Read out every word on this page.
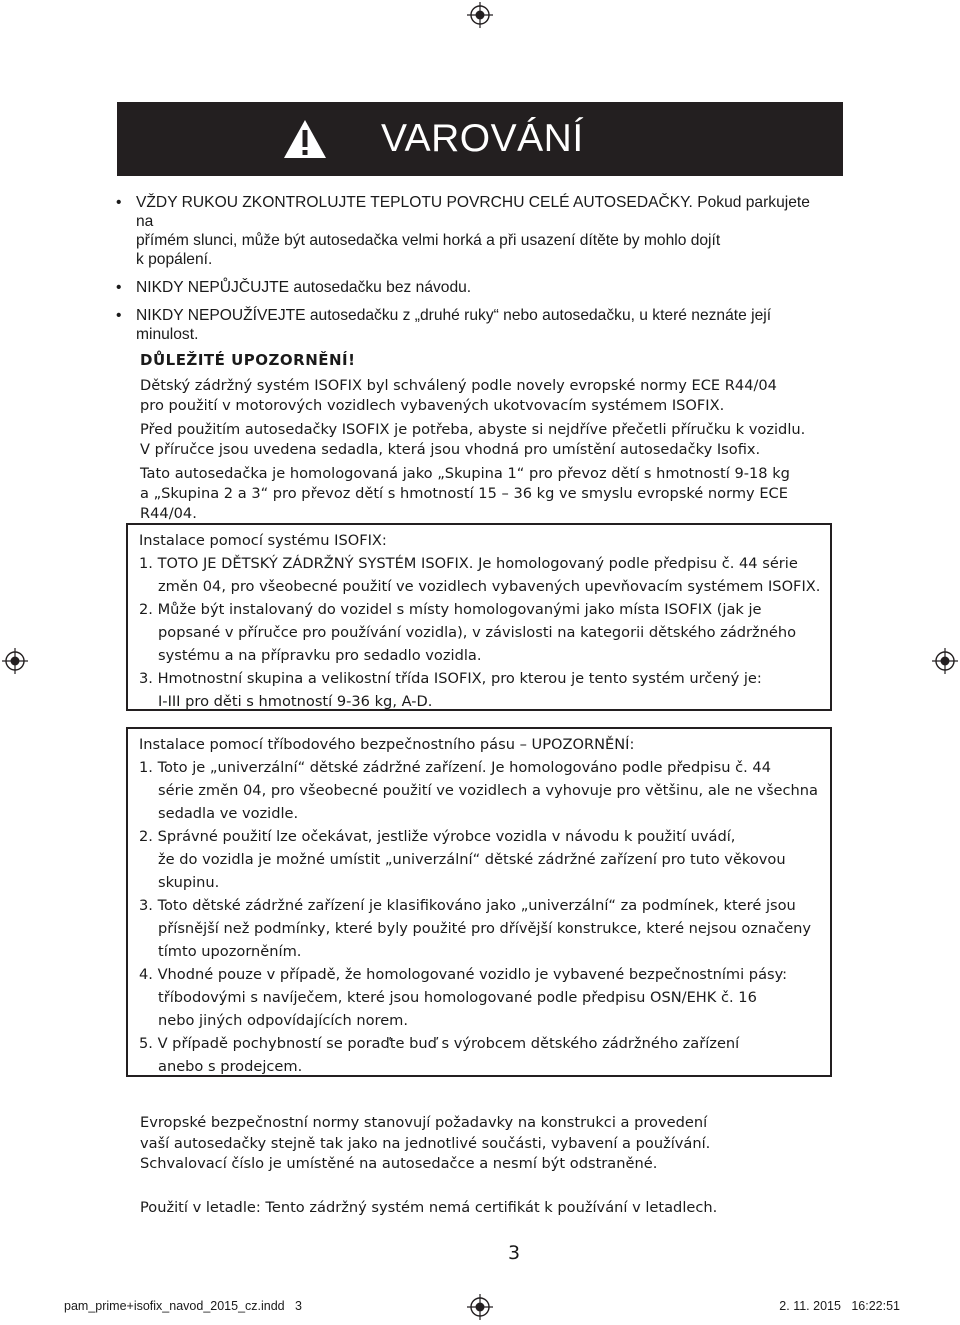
VAROVÁNÍ
• VŽDY RUKOU ZKONTROLUJTE TEPLOTU POVRCHU CELÉ AUTOSEDAČKY. Pokud parkujete na
přímém slunci, může být autosedačka velmi horká a při usazení dítěte by mohlo dojít
k popálení.
• NIKDY NEPŮJČUJTE autosedačku bez návodu.
• NIKDY NEPOUŽÍVEJTE autosedačku z „druhé ruky“ nebo autosedačku, u které neznáte její
minulost.
DŮLEŽITÉ UPOZORNĚNÍ!

Dětský zádržný systém ISOFIX byl schválený podle novely evropské normy ECE R44/04
pro použití v motorových vozidlech vybavených ukotvovacím systémem ISOFIX.

Před použitím autosedačky ISOFIX je potřeba, abyste si nejdříve přečetli příručku k vozidlu.
V příručce jsou uvedena sedadla, která jsou vhodná pro umístění autosedačky Isofix.

Tato autosedačka je homologovaná jako „Skupina 1“ pro převoz dětí s hmotností 9-18 kg
a „Skupina 2 a 3“ pro převoz dětí s hmotností 15 – 36 kg ve smyslu evropské normy ECE
R44/04.

Instalace pomocí systému ISOFIX:
1. TOTO JE DĚTSKÝ ZÁDRŽNÝ SYSTÉM ISOFIX. Je homologovaný podle předpisu č. 44 série
změn 04, pro všeobecné použití ve vozidlech vybavených upevňovacím systémem ISOFIX.
2. Může být instalovaný do vozidel s místy homologovanými jako místa ISOFIX (jak je
popsané v příručce pro používání vozidla), v závislosti na kategorii dětského zádržného
systému a na přípravku pro sedadlo vozidla.
3. Hmotnostní skupina a velikostní třída ISOFIX, pro kterou je tento systém určený je:
I-III pro děti s hmotností 9-36 kg, A-D.
Instalace pomocí tříbodového bezpečnostního pásu – UPOZORNĚNÍ:
1. Toto je „univerzální“ dětské zádržné zařízení. Je homologováno podle předpisu č. 44
série změn 04, pro všeobecné použití ve vozidlech a vyhovuje pro většinu, ale ne všechna
sedadla ve vozidle.
2. Správné použití lze očekávat, jestliže výrobce vozidla v návodu k použití uvádí,
že do vozidla je možné umístit „univerzální“ dětské zádržné zařízení pro tuto věkovou
skupinu.
3. Toto dětské zádržné zařízení je klasifikováno jako „univerzální“ za podmínek, které jsou
přísnější než podmínky, které byly použité pro dřívější konstrukce, které nejsou označeny
tímto upozorněním.
4. Vhodné pouze v případě, že homologované vozidlo je vybavené bezpečnostními pásy:
tříbodovými s navíječem, které jsou homologované podle předpisu OSN/EHK č. 16
nebo jiných odpovídajících norem.
5. V případě pochybností se poraďte buď s výrobcem dětského zádržného zařízení
anebo s prodejcem.
Evropské bezpečnostní normy stanovují požadavky na konstrukci a provedení
vaší autosedačky stejně tak jako na jednotlivé součásti, vybavení a používání.
Schvalovací číslo je umístěné na autosedačce a nesmí být odstraněné.
Použití v letadle: Tento zádržný systém nemá certifikát k používání v letadlech.
3
pam_prime+isofix_navod_2015_cz.indd   3	2. 11. 2015   16:22:51
